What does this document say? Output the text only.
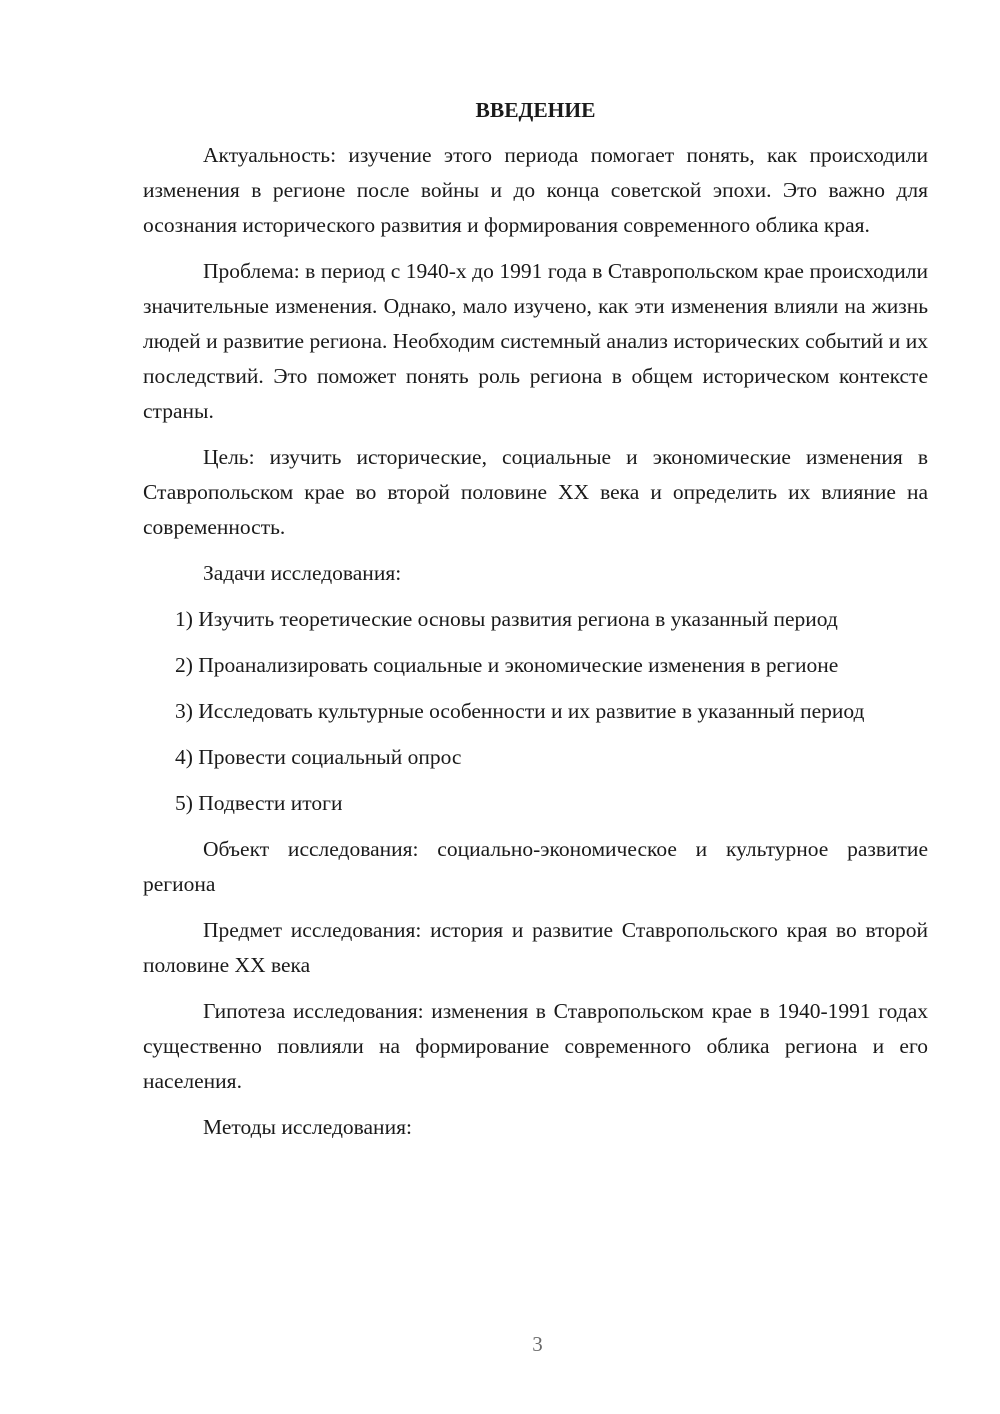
ВВЕДЕНИЕ

Актуальность: изучение этого периода помогает понять, как происходили изменения в регионе после войны и до конца советской эпохи. Это важно для осознания исторического развития и формирования современного облика края.

Проблема: в период с 1940-х до 1991 года в Ставропольском крае происходили значительные изменения. Однако, мало изучено, как эти изменения влияли на жизнь людей и развитие региона. Необходим системный анализ исторических событий и их последствий. Это поможет понять роль региона в общем историческом контексте страны.

Цель: изучить исторические, социальные и экономические изменения в Ставропольском крае во второй половине XX века и определить их влияние на современность.

Задачи исследования:

1) Изучить теоретические основы развития региона в указанный период

2) Проанализировать социальные и экономические изменения в регионе

3) Исследовать культурные особенности и их развитие в указанный период

4) Провести социальный опрос

5) Подвести итоги

Объект исследования: социально-экономическое и культурное развитие региона

Предмет исследования: история и развитие Ставропольского края во второй половине XX века

Гипотеза исследования: изменения в Ставропольском крае в 1940-1991 годах существенно повлияли на формирование современного облика региона и его населения.

Методы исследования:

3
